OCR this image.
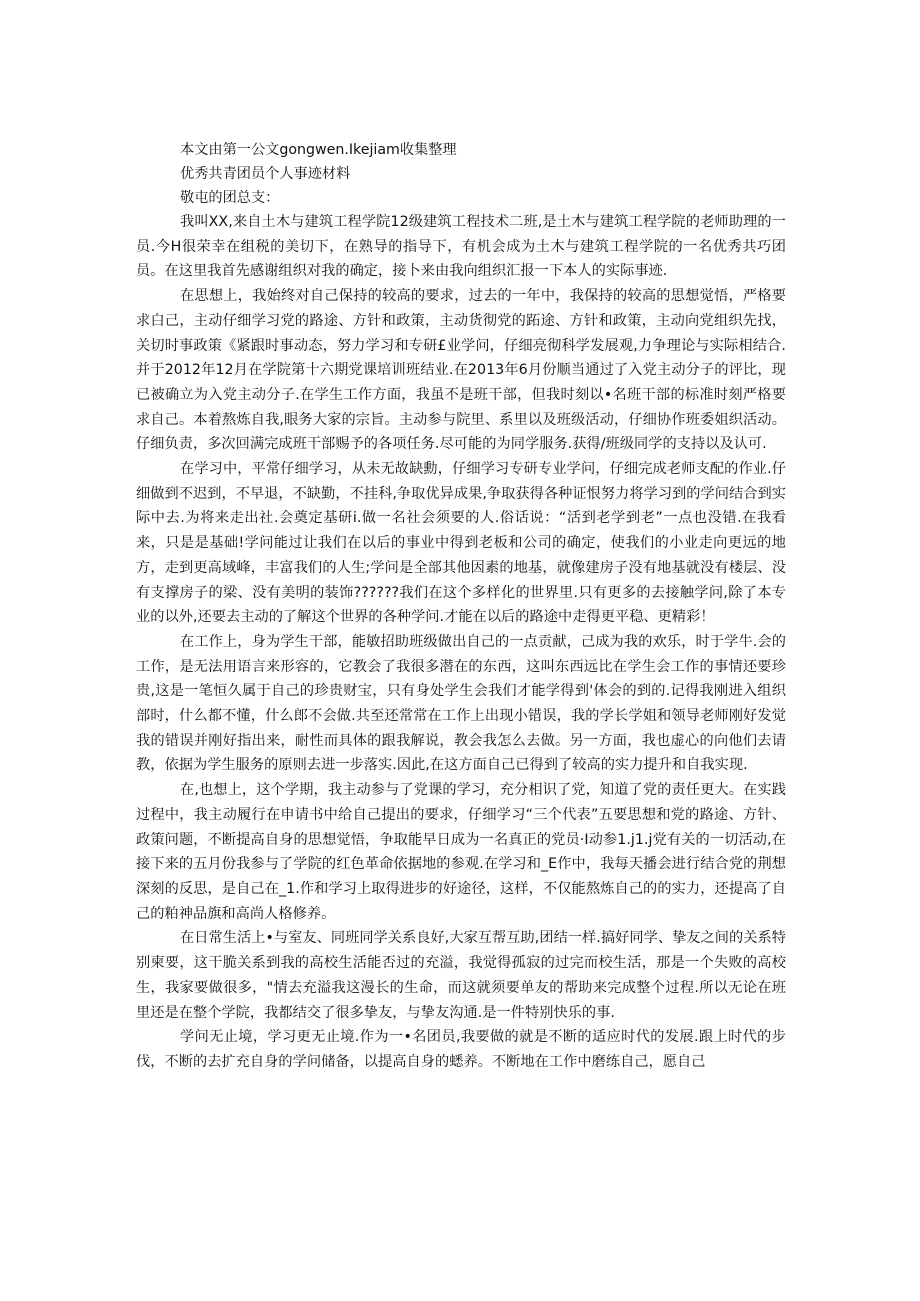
本文由第一公文gongwen.Ikejiam收集整理

优秀共青团员个人事迹材料

敬屯的团总支：

我叫XX,来自土木与建筑工程学院12级建筑工程技术二班,是土木与建筑工程学院的老师助理的一员.今H很荣幸在组税的美切下，在熟导的指导下，有机会成为土木与建筑工程学院的一名优秀共巧团员。在这里我首先感谢组织对我的确定，接卜来由我向组织汇报一下本人的实际事迹.

在思想上，我始终对自己保持的较高的要求，过去的一年中，我保持的较高的思想觉悟，严格要求白己，主动仔细学习党的路途、方针和政策，主动货彻党的跖途、方针和政策，主动向党组织先找，关切时事政策《紧跟时事动态，努力学习和专研£业学问，仔细亮彻科学发展观,力争理论与实际相结合.并于2012年12月在学院第十六期党课培训班结业.在2013年6月份顺当通过了入党主动分子的评比，现已被确立为入党主动分子.在学生工作方面，我虽不是班干部，但我时刻以•名班干部的标准时刻严格要求自己。本着熬炼自我,眼务大家的宗旨。主动参与院里、系里以及班级活动，仔细协作班委姐织活动。仔细负责，多次回满完成班干部赐予的各项任务.尽可能的为同学服务.获得/班级同学的支持以及认可.

在学习中，平常仔细学习，从未无故缺勳，仔细学习专研专业学问，仔细完成老师支配的作业.仔细做到不迟到，不早退，不缺勤，不挂科,争取优异成果,争取获得各种证恨努力将学习到的学问结合到实际中去.为将来走出社.会奠定基研i.做一名社会须要的人.俗话说：“活到老学到老”一点也没错.在我看来，只是是基础!学问能过让我们在以后的事业中得到老板和公司的确定，使我们的小业走向更远的地方，走到更高域峰，丰富我们的人生;学问是全部其他因素的地基，就像建房子没有地基就没有楼层、没有支撑房子的梁、没有美明的装饰??????我们在这个多样化的世界里.只有更多的去接触学问,除了本专业的以外,还要去主动的了解这个世界的各种学问.才能在以后的路途中走得更平稳、更精彩！

在工作上，身为学生干部，能敏招助班级做出自己的一点贡献，己成为我的欢乐，时于学牛.会的工作，是无法用语言来形容的，它教会了我很多潜在的东西，这叫东西远比在学生会工作的事情还要珍贵,这是一笔恒久属于自己的珍贵财宝，只有身处学生会我们才能学得到'体会的到的.记得我刚进入组织部时，什么都不懂，什么郎不会做.共至还常常在工作上出现小错误，我的学长学姐和领导老师刚好发觉我的错误并刚好指出来，耐性而具体的跟我解说，教会我怎么去做。另一方面，我也虚心的向他们去请教，依据为学生服务的原则去进一步落实.因此,在这方面自己已得到了较高的实力提升和自我实现.

在,也想上，这个学期，我主动参与了党课的学习，充分相识了党，知道了党的责任更大。在实践过程中，我主动履行在申请书中给自己提出的要求，仔细学习“三个代表”五要思想和党的路途、方针、政策问题，不断提高自身的思想觉悟，争取能早日成为一名真正的党员·I动参1.j1.j党有关的一切活动,在接下来的五月份我参与了学院的红色革命依据地的参观.在学习和_E作中，我每天播会进行结合党的荆想深刻的反思，是自己在_1.作和学习上取得进步的好途径，这样，不仅能熬炼自己的的实力，还提高了自己的粕神品旗和高尚人格修养。

在日常生活上•与室友、同班同学关系良好,大家互帮互助,团结一样.搞好同学、挚友之间的关系特别柬要，这干脆关系到我的高校生活能否过的充溢，我觉得孤寂的过完而校生活，那是一个失败的高校生，我家要做很多，"情去充溢我这漫长的生命，而这就须要单友的帮助来完成整个过程.所以无论在班里还是在整个学院，我都结交了很多挚友，与挚友沟通.是一件特别快乐的事.

学问无止境，学习更无止境.作为一•名团员,我要做的就是不断的适应时代的发展.跟上时代的步伐，不断的去扩充自身的学问储备，以提高自身的蟋养。不断地在工作中磨练自己，愿自己
